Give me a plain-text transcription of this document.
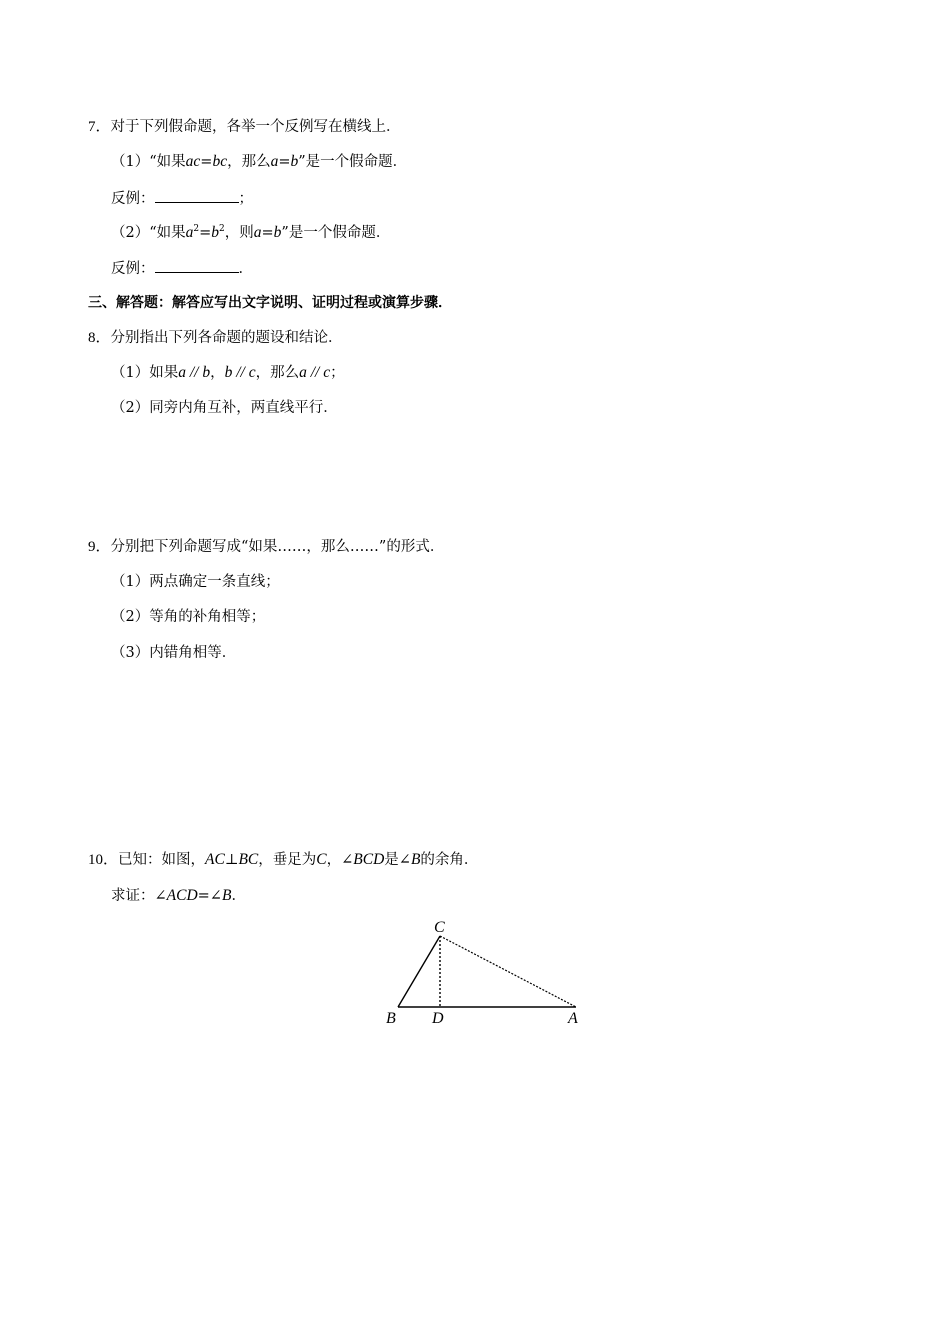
7．对于下列假命题，各举一个反例写在横线上．
（1）“如果ac=bc，那么a=b”是一个假命题．
反例：	；
（2）“如果$a^2=b^2$，则a=b”是一个假命题．
反例：	．
三、解答题：解答应写出文字说明、证明过程或演算步骤．
8．分别指出下列各命题的题设和结论．
（1）如果a // b，b // c，那么a // c；
（2）同旁内角互补，两直线平行．
9．分别把下列命题写成“如果……，那么……”的形式．
（1）两点确定一条直线；
（2）等角的补角相等；
（3）内错角相等．
10．已知：如图，AC⊥BC，垂足为C，∠BCD是∠B的余角．
求证：∠ACD=∠B．
C
B D	A
